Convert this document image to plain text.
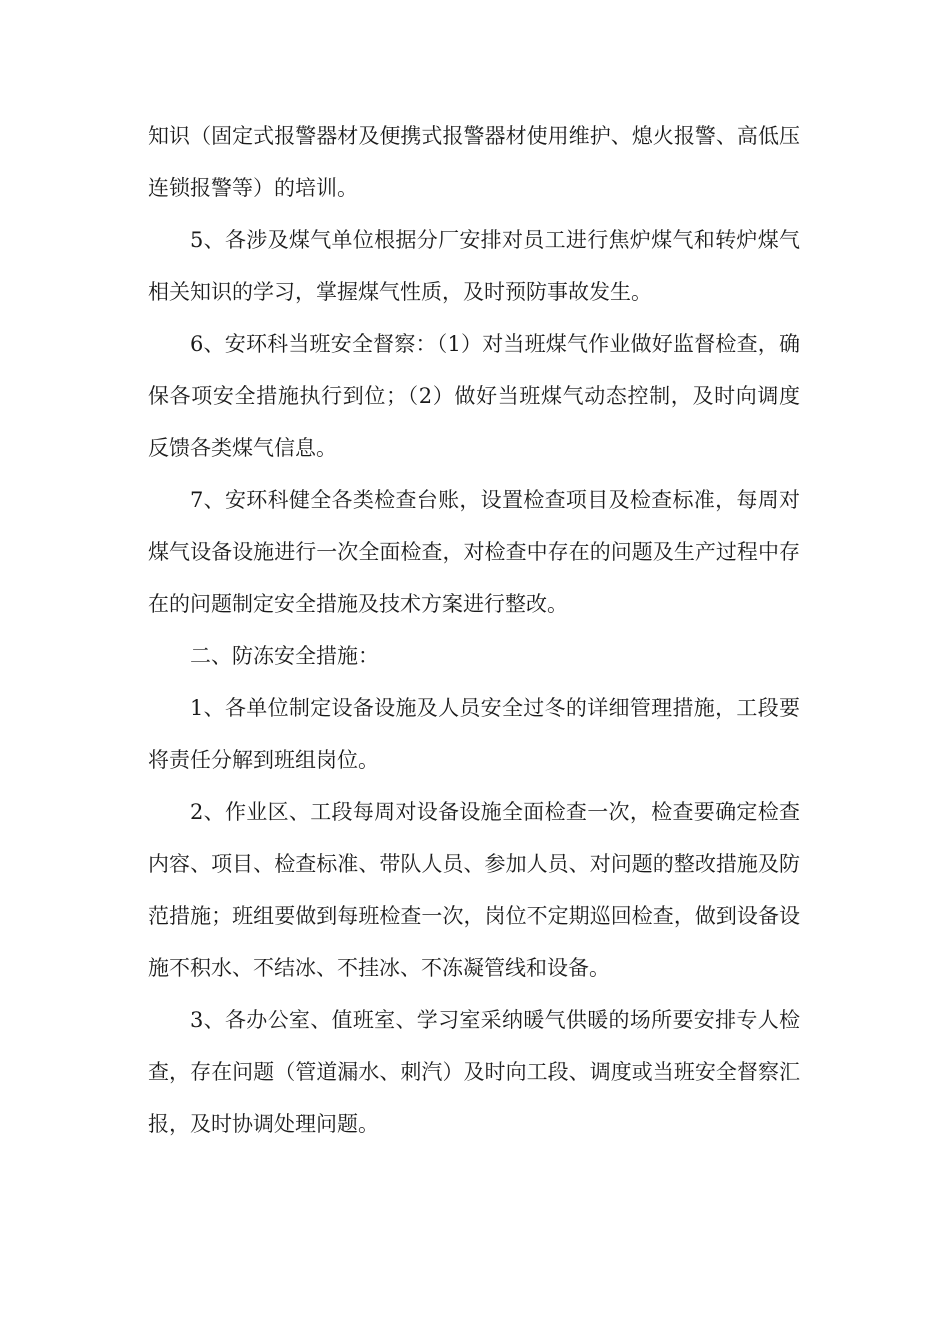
知识（固定式报警器材及便携式报警器材使用维护、熄火报警、高低压连锁报警等）的培训。

5、各涉及煤气单位根据分厂安排对员工进行焦炉煤气和转炉煤气相关知识的学习，掌握煤气性质，及时预防事故发生。

6、安环科当班安全督察：（1）对当班煤气作业做好监督检查，确保各项安全措施执行到位；（2）做好当班煤气动态控制，及时向调度反馈各类煤气信息。

7、安环科健全各类检查台账，设置检查项目及检查标准，每周对煤气设备设施进行一次全面检查，对检查中存在的问题及生产过程中存在的问题制定安全措施及技术方案进行整改。

二、防冻安全措施：

1、各单位制定设备设施及人员安全过冬的详细管理措施，工段要将责任分解到班组岗位。

2、作业区、工段每周对设备设施全面检查一次，检查要确定检查内容、项目、检查标准、带队人员、参加人员、对问题的整改措施及防范措施；班组要做到每班检查一次，岗位不定期巡回检查，做到设备设施不积水、不结冰、不挂冰、不冻凝管线和设备。

3、各办公室、值班室、学习室采纳暖气供暖的场所要安排专人检查，存在问题（管道漏水、刺汽）及时向工段、调度或当班安全督察汇报，及时协调处理问题。
